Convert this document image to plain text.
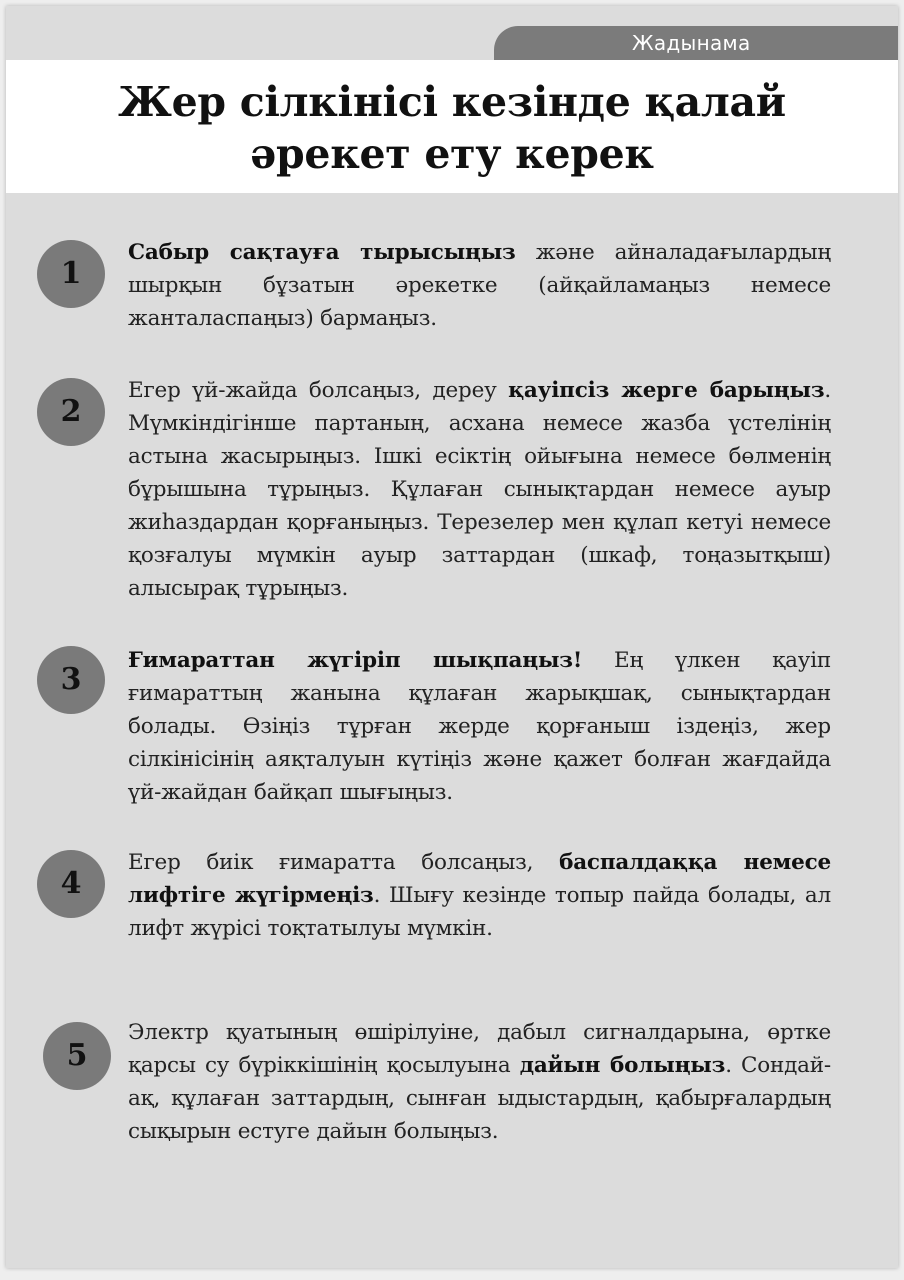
Жадынама
Жер сілкінісі кезінде қалай
әрекет ету керек
1

Сабыр сақтауға тырысыңыз және айналадағылардың шырқын бұзатын әрекетке (айқайламаңыз немесе жанталаспаңыз) бармаңыз.

2

Егер үй-жайда болсаңыз, дереу қауіпсіз жерге барыңыз. Мүмкіндігінше партаның, асхана немесе жазба үстелінің астына жасырыңыз. Ішкі есіктің ойығына немесе бөлменің бұрышына тұрыңыз. Құлаған сынықтардан немесе ауыр жиһаздардан қорғаныңыз. Терезелер мен құлап кетуі немесе қозғалуы мүмкін ауыр заттардан (шкаф, тоңазытқыш) алысырақ тұрыңыз.

3

Ғимараттан жүгіріп шықпаңыз! Ең үлкен қауіп ғимараттың жанына құлаған жарықшақ, сынықтардан болады. Өзіңіз тұрған жерде қорғаныш іздеңіз, жер сілкінісінің аяқталуын күтіңіз және қажет болған жағдайда үй-жайдан байқап шығыңыз.

4

Егер биік ғимаратта болсаңыз, баспалдаққа немесе лифтіге жүгірмеңіз. Шығу кезінде топыр пайда болады, ал лифт жүрісі тоқтатылуы мүмкін.

5

Электр қуатының өшірілуіне, дабыл сигналдарына, өртке қарсы су бүріккішінің қосылуына дайын болыңыз. Сондай-ақ, құлаған заттардың, сынған ыдыстардың, қабырғалардың сықырын естуге дайын болыңыз.
